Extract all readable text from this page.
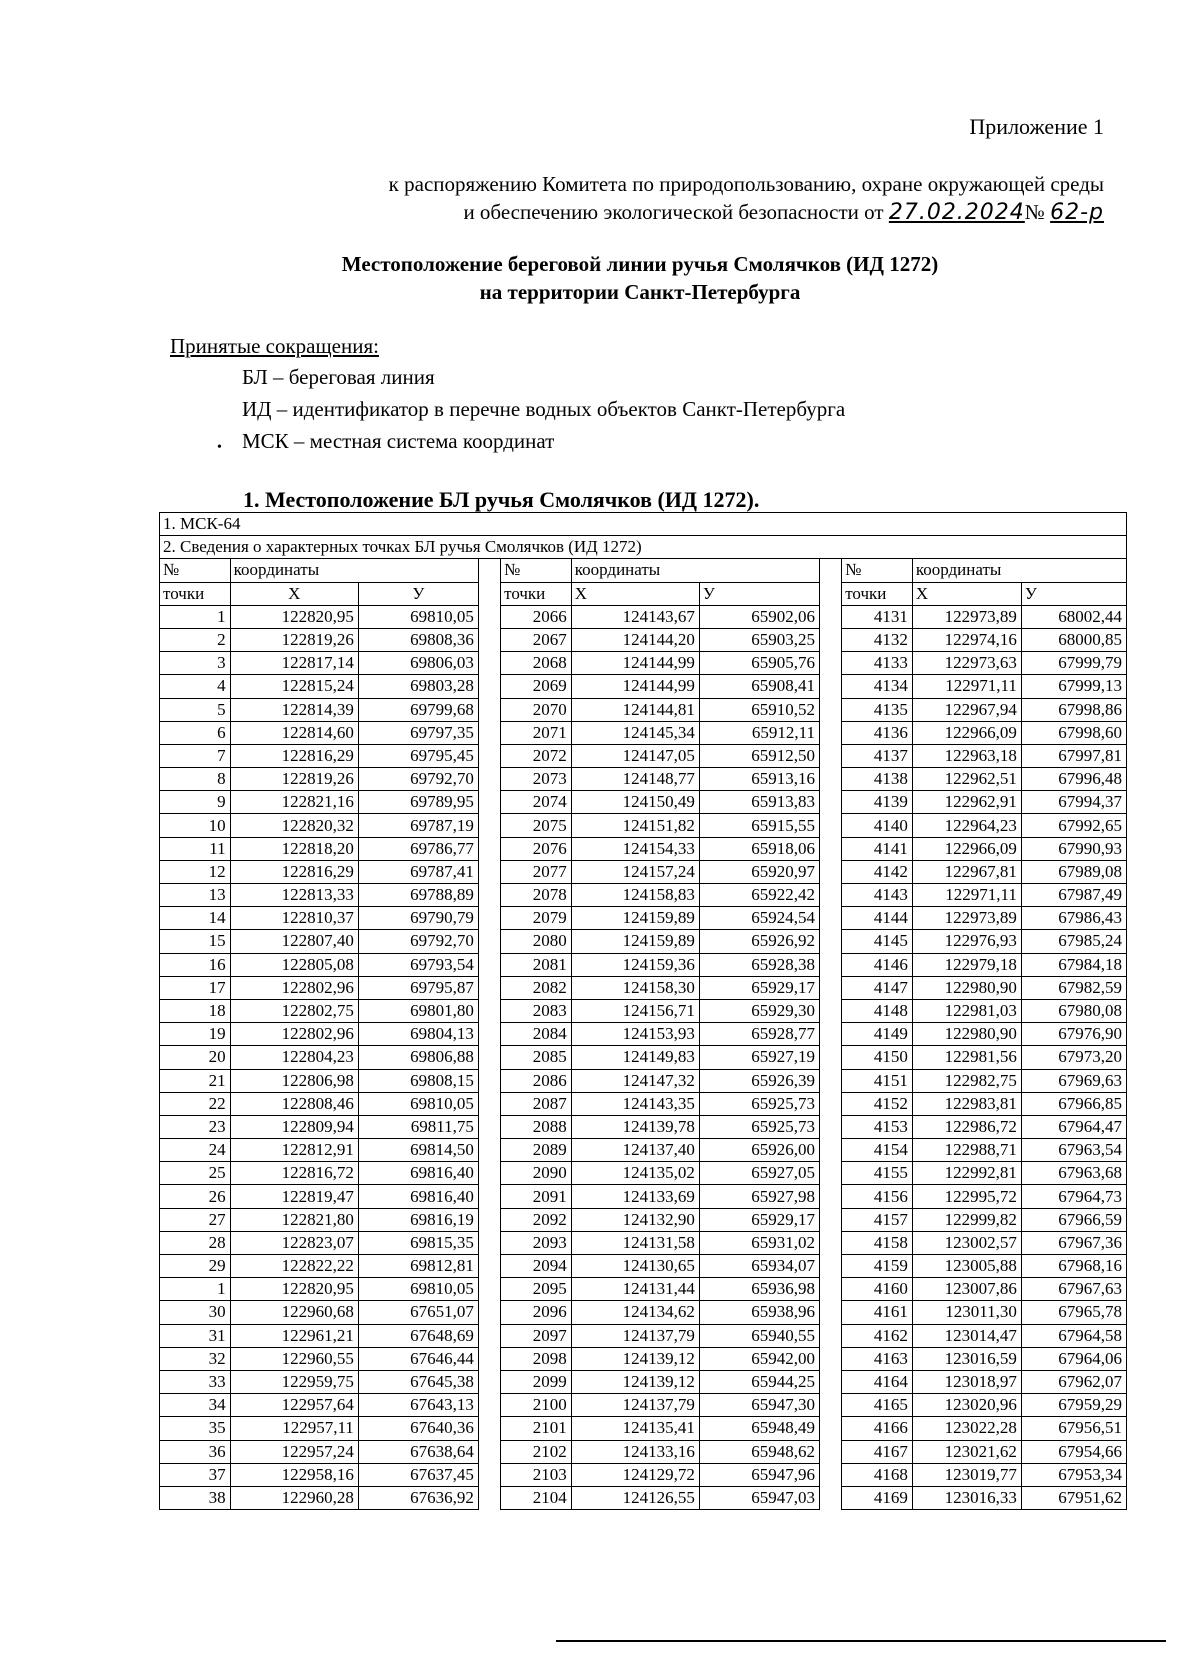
Приложение 1
к распоряжению Комитета по природопользованию, охране окружающей среды
и обеспечению экологической безопасности от 27.02.2024№ 62-р
Местоположение береговой линии ручья Смолячков (ИД 1272)
на территории Санкт-Петербурга
Принятые сокращения:
БЛ – береговая линия
ИД – идентификатор в перечне водных объектов Санкт-Петербурга
• МСК – местная система координат
1. Местоположение БЛ ручья Смолячков (ИД 1272).
1. МСК-64										
2. Сведения о характерных точках БЛ ручья Смолячков (ИД 1272)										
№	координаты			№	координаты			№	координаты	
точки	X	У		точки	X	У		точки	X	У
1	122820,95	69810,05		2066	124143,67	65902,06		4131	122973,89	68002,44
2	122819,26	69808,36		2067	124144,20	65903,25		4132	122974,16	68000,85
3	122817,14	69806,03		2068	124144,99	65905,76		4133	122973,63	67999,79
4	122815,24	69803,28		2069	124144,99	65908,41		4134	122971,11	67999,13
5	122814,39	69799,68		2070	124144,81	65910,52		4135	122967,94	67998,86
6	122814,60	69797,35		2071	124145,34	65912,11		4136	122966,09	67998,60
7	122816,29	69795,45		2072	124147,05	65912,50		4137	122963,18	67997,81
8	122819,26	69792,70		2073	124148,77	65913,16		4138	122962,51	67996,48
9	122821,16	69789,95		2074	124150,49	65913,83		4139	122962,91	67994,37
10	122820,32	69787,19		2075	124151,82	65915,55		4140	122964,23	67992,65
11	122818,20	69786,77		2076	124154,33	65918,06		4141	122966,09	67990,93
12	122816,29	69787,41		2077	124157,24	65920,97		4142	122967,81	67989,08
13	122813,33	69788,89		2078	124158,83	65922,42		4143	122971,11	67987,49
14	122810,37	69790,79		2079	124159,89	65924,54		4144	122973,89	67986,43
15	122807,40	69792,70		2080	124159,89	65926,92		4145	122976,93	67985,24
16	122805,08	69793,54		2081	124159,36	65928,38		4146	122979,18	67984,18
17	122802,96	69795,87		2082	124158,30	65929,17		4147	122980,90	67982,59
18	122802,75	69801,80		2083	124156,71	65929,30		4148	122981,03	67980,08
19	122802,96	69804,13		2084	124153,93	65928,77		4149	122980,90	67976,90
20	122804,23	69806,88		2085	124149,83	65927,19		4150	122981,56	67973,20
21	122806,98	69808,15		2086	124147,32	65926,39		4151	122982,75	67969,63
22	122808,46	69810,05		2087	124143,35	65925,73		4152	122983,81	67966,85
23	122809,94	69811,75		2088	124139,78	65925,73		4153	122986,72	67964,47
24	122812,91	69814,50		2089	124137,40	65926,00		4154	122988,71	67963,54
25	122816,72	69816,40		2090	124135,02	65927,05		4155	122992,81	67963,68
26	122819,47	69816,40		2091	124133,69	65927,98		4156	122995,72	67964,73
27	122821,80	69816,19		2092	124132,90	65929,17		4157	122999,82	67966,59
28	122823,07	69815,35		2093	124131,58	65931,02		4158	123002,57	67967,36
29	122822,22	69812,81		2094	124130,65	65934,07		4159	123005,88	67968,16
1	122820,95	69810,05		2095	124131,44	65936,98		4160	123007,86	67967,63
30	122960,68	67651,07		2096	124134,62	65938,96		4161	123011,30	67965,78
31	122961,21	67648,69		2097	124137,79	65940,55		4162	123014,47	67964,58
32	122960,55	67646,44		2098	124139,12	65942,00		4163	123016,59	67964,06
33	122959,75	67645,38		2099	124139,12	65944,25		4164	123018,97	67962,07
34	122957,64	67643,13		2100	124137,79	65947,30		4165	123020,96	67959,29
35	122957,11	67640,36		2101	124135,41	65948,49		4166	123022,28	67956,51
36	122957,24	67638,64		2102	124133,16	65948,62		4167	123021,62	67954,66
37	122958,16	67637,45		2103	124129,72	65947,96		4168	123019,77	67953,34
38	122960,28	67636,92		2104	124126,55	65947,03		4169	123016,33	67951,62
